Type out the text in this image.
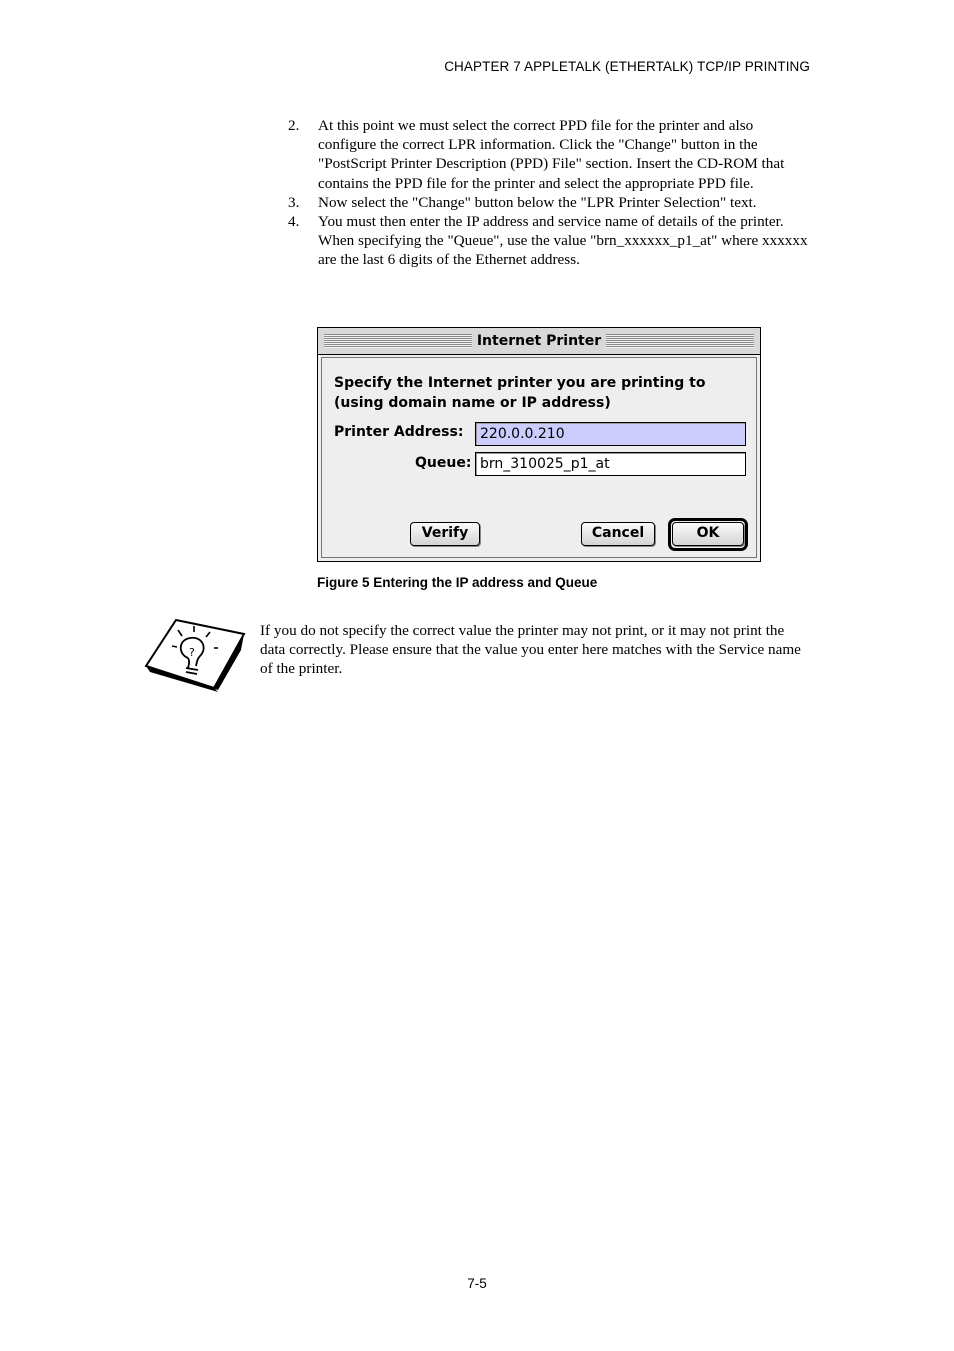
CHAPTER 7 APPLETALK (ETHERTALK) TCP/IP PRINTING
2. At this point we must select the correct PPD file for the printer and also configure the correct LPR information. Click the "Change" button in the "PostScript Printer Description (PPD) File" section. Insert the CD-ROM that contains the PPD file for the printer and select the appropriate PPD file.
3. Now select the "Change" button below the "LPR Printer Selection" text.
4. You must then enter the IP address and service name of details of the printer. When specifying the "Queue", use the value "brn_xxxxxx_p1_at" where xxxxxx are the last 6 digits of the Ethernet address.
Internet Printer
Specify the Internet printer you are printing to
(using domain name or IP address)
Printer Address:	220.0.0.210
Queue: brn_310025_p1_at
Verify	Cancel	OK
Figure 5 Entering the IP address and Queue
?
If you do not specify the correct value the printer may not print, or it may not print the data correctly. Please ensure that the value you enter here matches with the Service name of the printer.
7-5
